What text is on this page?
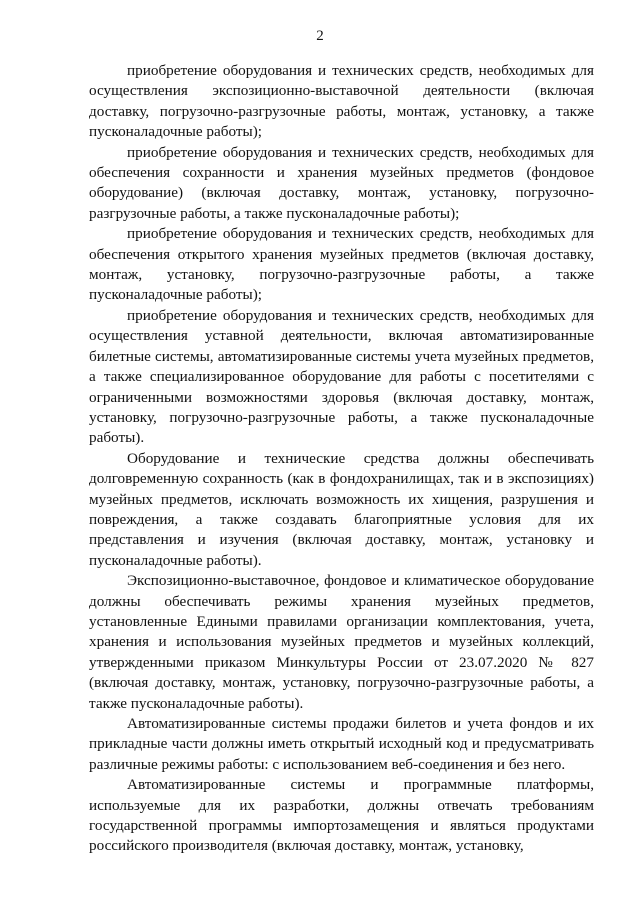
2

приобретение оборудования и технических средств, необходимых для осуществления экспозиционно-выставочной деятельности (включая доставку, погрузочно-разгрузочные работы, монтаж, установку, а также пусконаладочные работы);

приобретение оборудования и технических средств, необходимых для обеспечения сохранности и хранения музейных предметов (фондовое оборудование) (включая доставку, монтаж, установку, погрузочно-разгрузочные работы, а также пусконаладочные работы);

приобретение оборудования и технических средств, необходимых для обеспечения открытого хранения музейных предметов (включая доставку, монтаж, установку, погрузочно-разгрузочные работы, а также пусконаладочные работы);

приобретение оборудования и технических средств, необходимых для осуществления уставной деятельности, включая автоматизированные билетные системы, автоматизированные системы учета музейных предметов, а также специализированное оборудование для работы с посетителями с ограниченными возможностями здоровья (включая доставку, монтаж, установку, погрузочно-разгрузочные работы, а также пусконаладочные работы).

Оборудование и технические средства должны обеспечивать долговременную сохранность (как в фондохранилищах, так и в экспозициях) музейных предметов, исключать возможность их хищения, разрушения и повреждения, а также создавать благоприятные условия для их представления и изучения (включая доставку, монтаж, установку и пусконаладочные работы).

Экспозиционно-выставочное, фондовое и климатическое оборудование должны обеспечивать режимы хранения музейных предметов, установленные Едиными правилами организации комплектования, учета, хранения и использования музейных предметов и музейных коллекций, утвержденными приказом Минкультуры России от 23.07.2020 № 827 (включая доставку, монтаж, установку, погрузочно-разгрузочные работы, а также пусконаладочные работы).

Автоматизированные системы продажи билетов и учета фондов и их прикладные части должны иметь открытый исходный код и предусматривать различные режимы работы: с использованием веб-соединения и без него.

Автоматизированные системы и программные платформы, используемые для их разработки, должны отвечать требованиям государственной программы импортозамещения и являться продуктами российского производителя (включая доставку, монтаж, установку,
